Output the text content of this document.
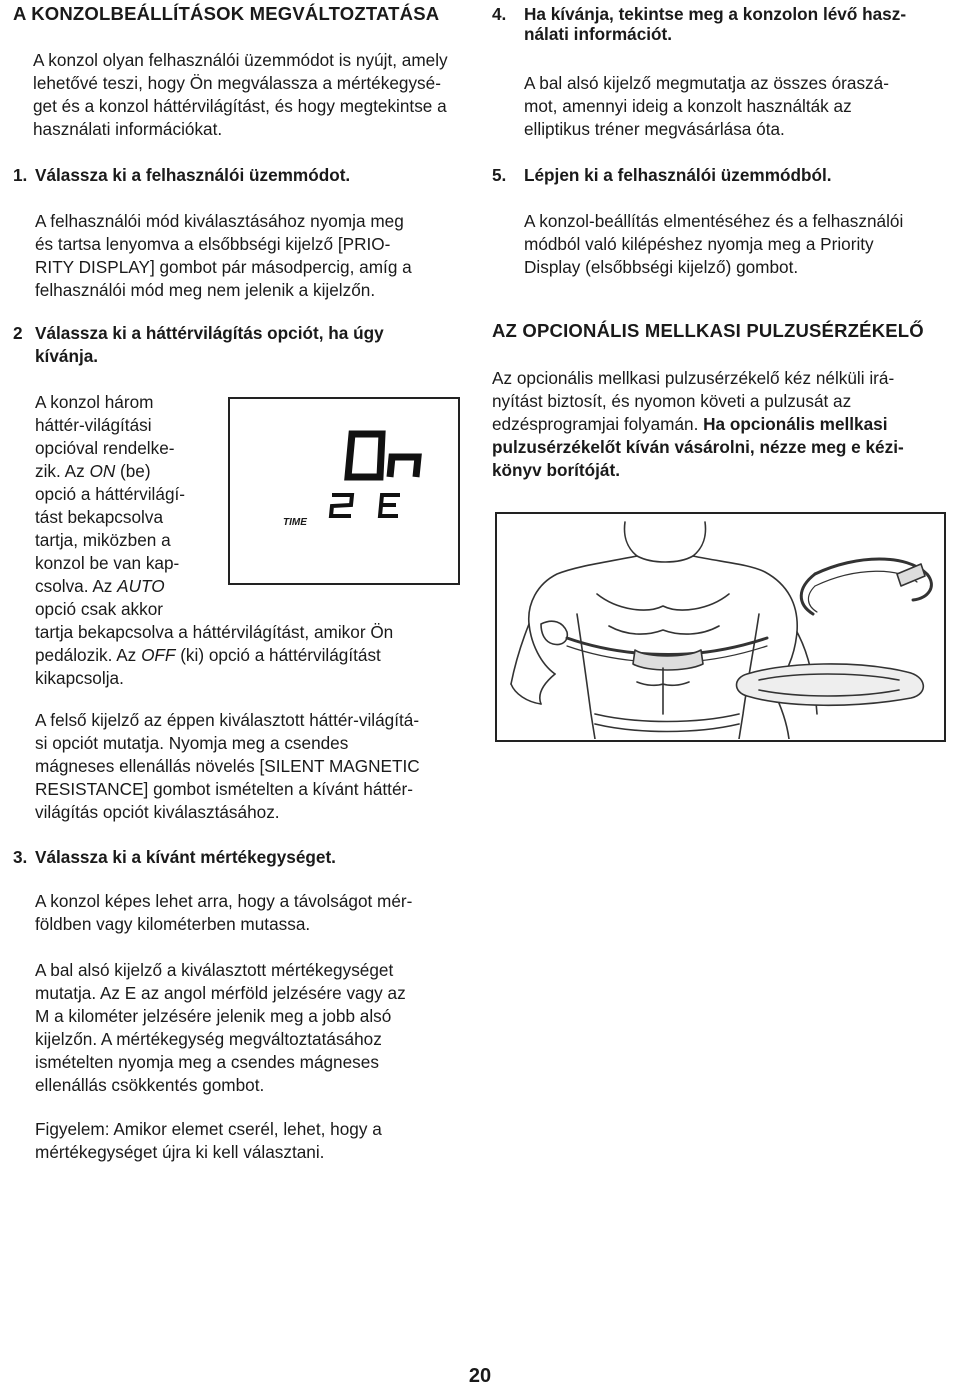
A KONZOLBEÁLLÍTÁSOK MEGVÁLTOZTATÁSA

A konzol olyan felhasználói üzemmódot is nyújt, amely
lehetővé teszi, hogy Ön megválassza a mértékegysé-
get és a konzol háttérvilágítást, és hogy megtekintse a
használati információkat.

1. Válassza ki a felhasználói üzemmódot.

A felhasználói mód kiválasztásához nyomja meg
és tartsa lenyomva a elsőbbségi kijelző [PRIO-
RITY DISPLAY] gombot pár másodpercig, amíg a
felhasználói mód meg nem jelenik a kijelzőn.

2 Válassza ki a háttérvilágítás opciót, ha úgy
kívánja.

A konzol három
háttér-világítási
opcióval rendelke-
zik. Az ON (be)
opció a háttérvilágí-
tást bekapcsolva
tartja, miközben a
konzol be van kap-
csolva. Az AUTO
opció csak akkor
tartja bekapcsolva a háttérvilágítást, amikor Ön
pedálozik. Az OFF (ki) opció a háttérvilágítást
kikapcsolja.

TIME

A felső kijelző az éppen kiválasztott háttér-világítá-
si opciót mutatja. Nyomja meg a csendes
mágneses ellenállás növelés [SILENT MAGNETIC
RESISTANCE] gombot ismételten a kívánt háttér-
világítás opciót kiválasztásához.

3. Válassza ki a kívánt mértékegységet.

A konzol képes lehet arra, hogy a távolságot mér-
földben vagy kilométerben mutassa.

A bal alsó kijelző a kiválasztott mértékegységet
mutatja. Az E az angol mérföld jelzésére vagy az
M a kilométer jelzésére jelenik meg a jobb alsó
kijelzőn. A mértékegység megváltoztatásához
ismételten nyomja meg a csendes mágneses
ellenállás csökkentés gombot.

Figyelem: Amikor elemet cserél, lehet, hogy a
mértékegységet újra ki kell választani.

4.	Ha kívánja, tekintse meg a konzolon lévő hasz-
nálati információt.

A bal alsó kijelző megmutatja az összes óraszá-
mot, amennyi ideig a konzolt használták az
elliptikus tréner megvásárlása óta.

5.	Lépjen ki a felhasználói üzemmódból.

A konzol-beállítás elmentéséhez és a felhasználói
módból való kilépéshez nyomja meg a Priority
Display (elsőbbségi kijelző) gombot.

AZ OPCIONÁLIS MELLKASI PULZUSÉRZÉKELŐ

Az opcionális mellkasi pulzusérzékelő kéz nélküli irá-
nyítást biztosít, és nyomon követi a pulzusát az
edzésprogramjai folyamán. Ha opcionális mellkasi
pulzusérzékelőt kíván vásárolni, nézze meg e kézi-
könyv borítóját.

20
